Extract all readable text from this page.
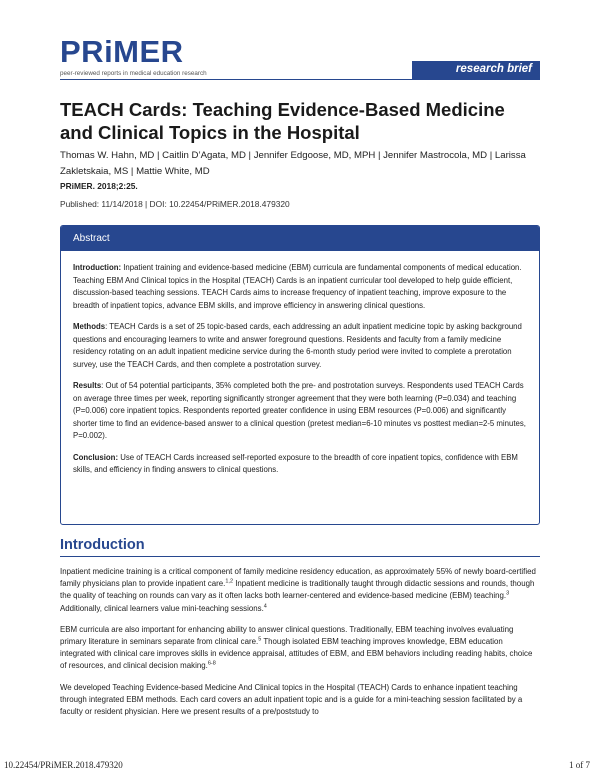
PRiMER
peer-reviewed reports in medical education research	research brief
TEACH Cards: Teaching Evidence-Based Medicine and Clinical Topics in the Hospital
Thomas W. Hahn, MD | Caitlin D’Agata, MD | Jennifer Edgoose, MD, MPH | Jennifer Mastrocola, MD | Larissa Zakletskaia, MS | Mattie White, MD
PRiMER. 2018;2:25.
Published: 11/14/2018 | DOI: 10.22454/PRiMER.2018.479320
Abstract

Introduction: Inpatient training and evidence-based medicine (EBM) curricula are fundamental components of medical education. Teaching EBM And Clinical topics in the Hospital (TEACH) Cards is an inpatient curricular tool developed to help guide efficient, discussion-based teaching sessions. TEACH Cards aims to increase frequency of inpatient teaching, improve exposure to the breadth of inpatient topics, advance EBM skills, and improve efficiency in answering clinical questions.

Methods: TEACH Cards is a set of 25 topic-based cards, each addressing an adult inpatient medicine topic by asking background questions and encouraging learners to write and answer foreground questions. Residents and faculty from a family medicine residency rotating on an adult inpatient medicine service during the 6-month study period were invited to complete a prerotation survey, use the TEACH Cards, and then complete a postrotation survey.

Results: Out of 54 potential participants, 35% completed both the pre- and postrotation surveys. Respondents used TEACH Cards on average three times per week, reporting significantly stronger agreement that they were both learning (P=0.034) and teaching (P=0.006) core inpatient topics. Respondents reported greater confidence in using EBM resources (P=0.006) and significantly shorter time to find an evidence-based answer to a clinical question (pretest median=6-10 minutes vs posttest median=2-5 minutes, P=0.002).

Conclusion: Use of TEACH Cards increased self-reported exposure to the breadth of core inpatient topics, confidence with EBM skills, and efficiency in finding answers to clinical questions.

Introduction

Inpatient medicine training is a critical component of family medicine residency education, as approximately 55% of newly board-certified family physicians plan to provide inpatient care.$^{1,2}$ Inpatient medicine is traditionally taught through didactic sessions and rounds, though the quality of teaching on rounds can vary as it often lacks both learner-centered and evidence-based medicine (EBM) teaching.$^3$ Additionally, clinical learners value mini-teaching sessions.$^4$

EBM curricula are also important for enhancing ability to answer clinical questions. Traditionally, EBM teaching involves evaluating primary literature in seminars separate from clinical care.$^5$ Though isolated EBM teaching improves knowledge, EBM education integrated with clinical care improves skills in evidence appraisal, attitudes of EBM, and EBM behaviors including reading habits, choice of resources, and clinical decision making.$^{6-8}$

We developed Teaching Evidence-based Medicine And Clinical topics in the Hospital (TEACH) Cards to enhance inpatient teaching through integrated EBM methods. Each card covers an adult inpatient topic and is a guide for a mini-teaching session facilitated by a faculty or resident physician. Here we present results of a pre/poststudy to

10.22454/PRiMER.2018.479320	1 of 7
